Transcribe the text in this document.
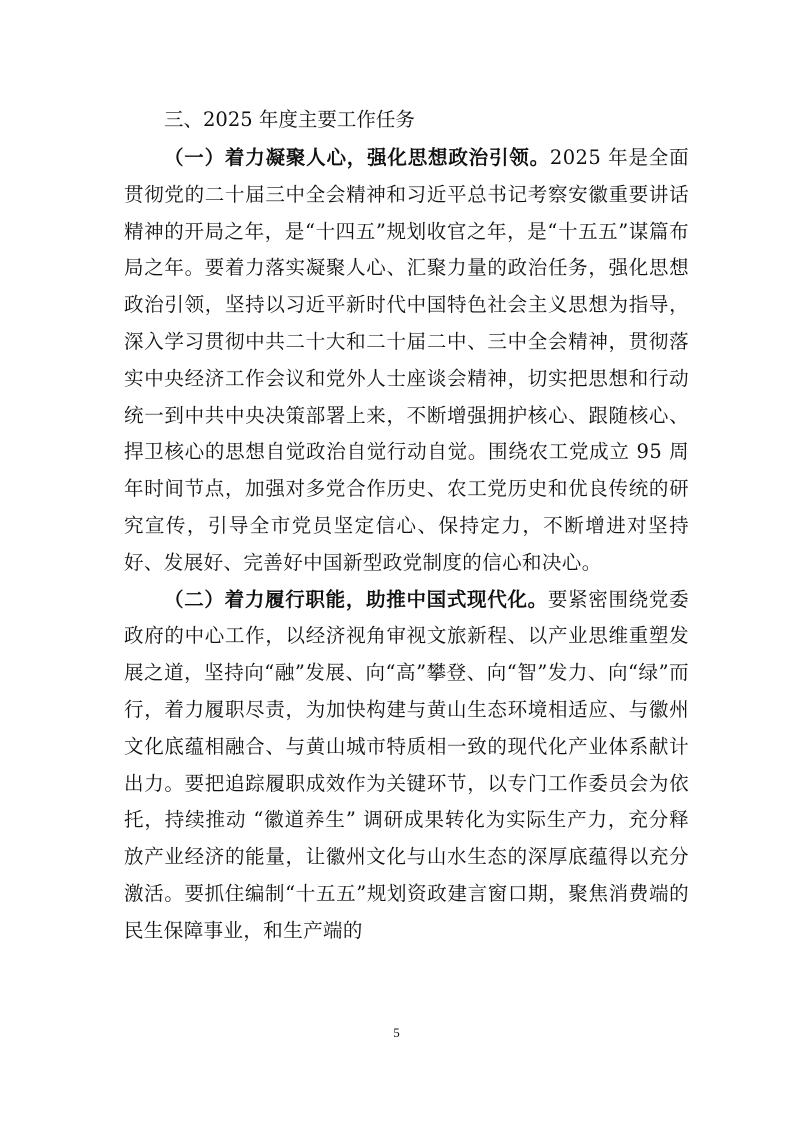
三、2025 年度主要工作任务

（一）着力凝聚人心，强化思想政治引领。2025 年是全面贯彻党的二十届三中全会精神和习近平总书记考察安徽重要讲话精神的开局之年，是“十四五”规划收官之年，是“十五五”谋篇布局之年。要着力落实凝聚人心、汇聚力量的政治任务，强化思想政治引领，坚持以习近平新时代中国特色社会主义思想为指导，深入学习贯彻中共二十大和二十届二中、三中全会精神，贯彻落实中央经济工作会议和党外人士座谈会精神，切实把思想和行动统一到中共中央决策部署上来，不断增强拥护核心、跟随核心、捍卫核心的思想自觉政治自觉行动自觉。围绕农工党成立 95 周年时间节点，加强对多党合作历史、农工党历史和优良传统的研究宣传，引导全市党员坚定信心、保持定力，不断增进对坚持好、发展好、完善好中国新型政党制度的信心和决心。

（二）着力履行职能，助推中国式现代化。要紧密围绕党委政府的中心工作，以经济视角审视文旅新程、以产业思维重塑发展之道，坚持向“融”发展、向“高”攀登、向“智”发力、向“绿”而行，着力履职尽责，为加快构建与黄山生态环境相适应、与徽州文化底蕴相融合、与黄山城市特质相一致的现代化产业体系献计出力。要把追踪履职成效作为关键环节，以专门工作委员会为依托，持续推动 “徽道养生” 调研成果转化为实际生产力，充分释放产业经济的能量，让徽州文化与山水生态的深厚底蕴得以充分激活。要抓住编制“十五五”规划资政建言窗口期，聚焦消费端的民生保障事业，和生产端的

5
